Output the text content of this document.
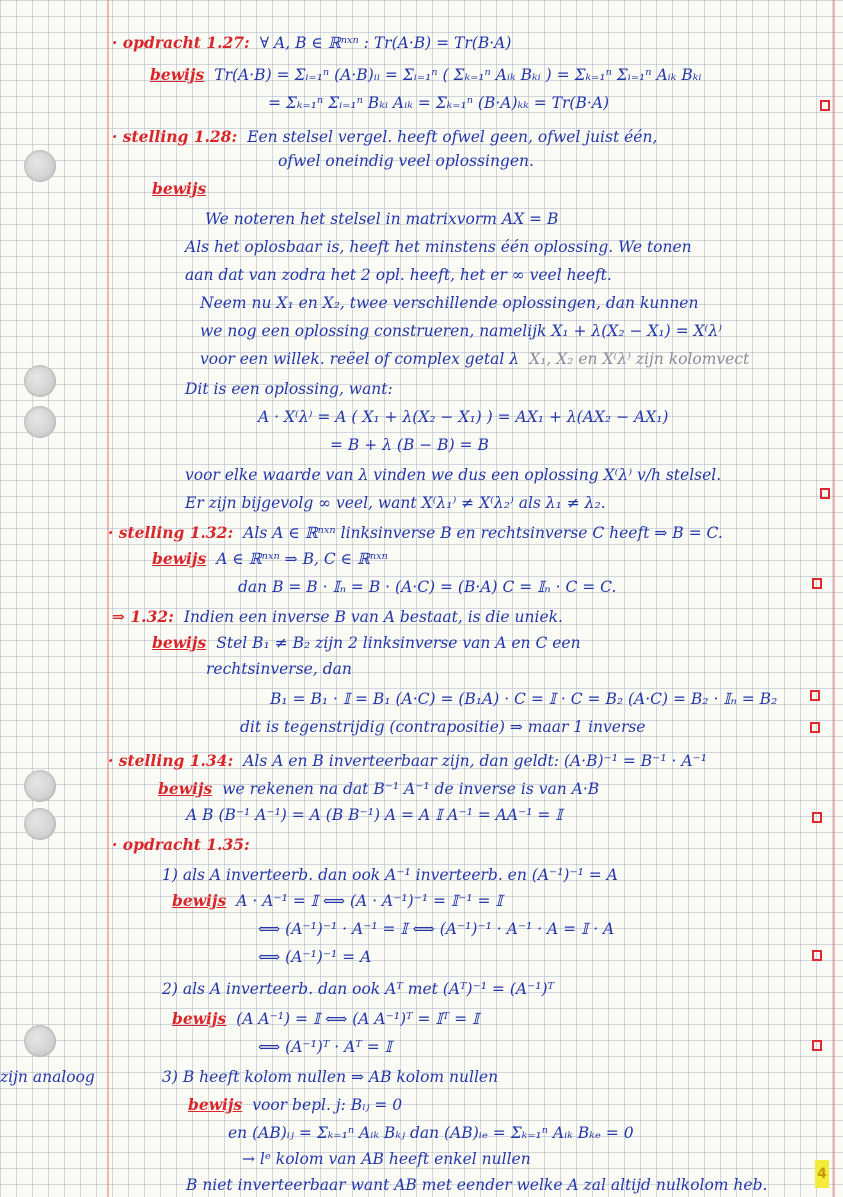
· opdracht 1.27: ∀ A, B ∈ ℝⁿˣⁿ : Tr(A·B) = Tr(B·A)
bewijs Tr(A·B) = Σᵢ₌₁ⁿ (A·B)ᵢᵢ = Σᵢ₌₁ⁿ ( Σₖ₌₁ⁿ Aᵢₖ Bₖᵢ ) = Σₖ₌₁ⁿ Σᵢ₌₁ⁿ Aᵢₖ Bₖᵢ
= Σₖ₌₁ⁿ Σᵢ₌₁ⁿ Bₖᵢ Aᵢₖ = Σₖ₌₁ⁿ (B·A)ₖₖ = Tr(B·A)
· stelling 1.28: Een stelsel vergel. heeft ofwel geen, ofwel juist één,
ofwel oneindig veel oplossingen.
bewijs
We noteren het stelsel in matrixvorm AX = B
Als het oplosbaar is, heeft het minstens één oplossing. We tonen
aan dat van zodra het 2 opl. heeft, het er ∞ veel heeft.
Neem nu X₁ en X₂, twee verschillende oplossingen, dan kunnen
we nog een oplossing construeren, namelijk X₁ + λ(X₂ − X₁) = X⁽λ⁾
voor een willek. reëel of complex getal λ X₁, X₂ en X⁽λ⁾ zijn kolomvect
Dit is een oplossing, want:
A · X⁽λ⁾ = A ( X₁ + λ(X₂ − X₁) ) = AX₁ + λ(AX₂ − AX₁)
= B + λ (B − B) = B
voor elke waarde van λ vinden we dus een oplossing X⁽λ⁾ v/h stelsel.
Er zijn bijgevolg ∞ veel, want X⁽λ₁⁾ ≠ X⁽λ₂⁾ als λ₁ ≠ λ₂.
· stelling 1.32: Als A ∈ ℝⁿˣⁿ linksinverse B en rechtsinverse C heeft ⇒ B = C.
bewijs A ∈ ℝⁿˣⁿ ⇒ B, C ∈ ℝⁿˣⁿ
dan B = B · 𝕀ₙ = B · (A·C) = (B·A) C = 𝕀ₙ · C = C.
⇒ 1.32: Indien een inverse B van A bestaat, is die uniek.
bewijs Stel B₁ ≠ B₂ zijn 2 linksinverse van A en C een
rechtsinverse, dan
B₁ = B₁ · 𝕀 = B₁ (A·C) = (B₁A) · C = 𝕀 · C = B₂ (A·C) = B₂ · 𝕀ₙ = B₂
dit is tegenstrijdig (contrapositie) ⇒ maar 1 inverse
· stelling 1.34: Als A en B inverteerbaar zijn, dan geldt: (A·B)⁻¹ = B⁻¹ · A⁻¹
bewijs we rekenen na dat B⁻¹ A⁻¹ de inverse is van A·B
A B (B⁻¹ A⁻¹) = A (B B⁻¹) A = A 𝕀 A⁻¹ = AA⁻¹ = 𝕀
· opdracht 1.35:
1) als A inverteerb. dan ook A⁻¹ inverteerb. en (A⁻¹)⁻¹ = A
bewijs A · A⁻¹ = 𝕀 ⟺ (A · A⁻¹)⁻¹ = 𝕀⁻¹ = 𝕀
⟺ (A⁻¹)⁻¹ · A⁻¹ = 𝕀 ⟺ (A⁻¹)⁻¹ · A⁻¹ · A = 𝕀 · A
⟺ (A⁻¹)⁻¹ = A
2) als A inverteerb. dan ook Aᵀ met (Aᵀ)⁻¹ = (A⁻¹)ᵀ
bewijs (A A⁻¹) = 𝕀 ⟺ (A A⁻¹)ᵀ = 𝕀ᵀ = 𝕀
⟺ (A⁻¹)ᵀ · Aᵀ = 𝕀
zijn analoog	3) B heeft kolom nullen ⇒ AB kolom nullen
bewijs voor bepl. j: Bᵢⱼ = 0
en (AB)ᵢⱼ = Σₖ₌₁ⁿ Aᵢₖ Bₖⱼ dan (AB)ᵢₑ = Σₖ₌₁ⁿ Aᵢₖ Bₖₑ = 0
→ lᵉ kolom van AB heeft enkel nullen
B niet inverteerbaar want AB met eender welke A zal altijd nulkolom heb.
4
